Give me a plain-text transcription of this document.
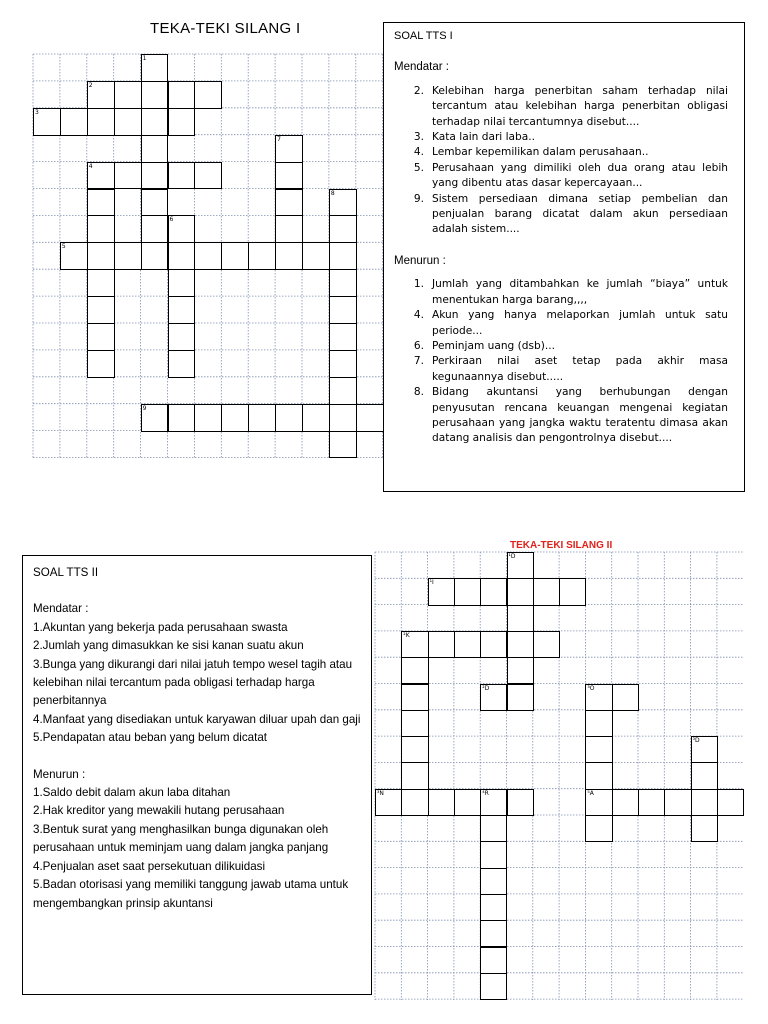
TEKA-TEKI SILANG I
1
2
3
7
4
8
6
5
9
¹D
¹I
²K
²D	³O
³D
³N	⁴R	⁵A
TEKA-TEKI SILANG II
SOAL TTS I
Mendatar :
2. Kelebihan harga penerbitan saham terhadap nilai tercantum atau kelebihan harga penerbitan obligasi terhadap nilai tercantumnya disebut....
3. Kata lain dari laba..
4. Lembar kepemilikan dalam perusahaan..
5. Perusahaan yang dimiliki oleh dua orang atau lebih yang dibentu atas dasar kepercayaan...
9. Sistem persediaan dimana setiap pembelian dan penjualan barang dicatat dalam akun persediaan adalah sistem....
Menurun :
1. Jumlah yang ditambahkan ke jumlah “biaya” untuk menentukan harga barang,,,,
4. Akun yang hanya melaporkan jumlah untuk satu periode...
6. Peminjam uang (dsb)...
7. Perkiraan nilai aset tetap pada akhir masa kegunaannya disebut.....
8. Bidang akuntansi yang berhubungan dengan penyusutan rencana keuangan mengenai kegiatan perusahaan yang jangka waktu teratentu dimasa akan datang analisis dan pengontrolnya disebut....
SOAL TTS II
Mendatar :
1.Akuntan yang bekerja pada perusahaan swasta
2.Jumlah yang dimasukkan ke sisi kanan suatu akun
3.Bunga yang dikurangi dari nilai jatuh tempo wesel tagih atau kelebihan nilai tercantum pada obligasi terhadap harga penerbitannya
4.Manfaat yang disediakan untuk karyawan diluar upah dan gaji
5.Pendapatan atau beban yang belum dicatat
Menurun :
1.Saldo debit dalam akun laba ditahan
2.Hak kreditor yang mewakili hutang perusahaan
3.Bentuk surat yang menghasilkan bunga digunakan oleh perusahaan untuk meminjam uang dalam jangka panjang
4.Penjualan aset saat persekutuan dilikuidasi
5.Badan otorisasi yang memiliki tanggung jawab utama untuk mengembangkan prinsip akuntansi
